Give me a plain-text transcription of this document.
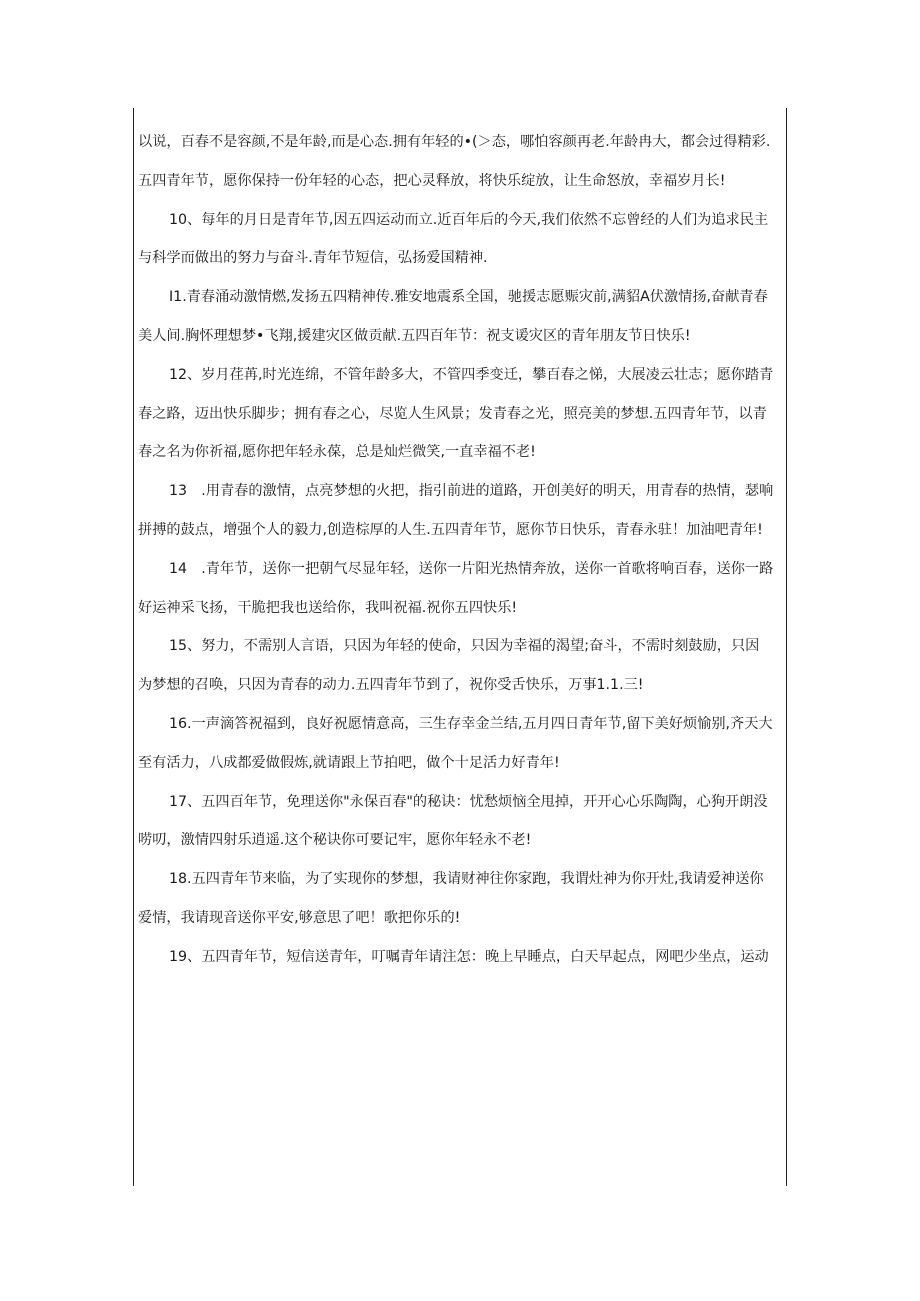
以说，百春不是容颜,不是年龄,而是心态.拥有年轻的•(＞态，哪怕容颜再老.年龄冉大，都会过得精彩.
五四青年节，愿你保持一份年轻的心态，把心灵释放，将快乐绽放，让生命怒放，幸福岁月长!
10、每年的月日是青年节,因五四运动而立.近百年后的今天,我们依然不忘曾经的人们为追求民主
与科学而做出的努力与奋斗.青年节短信，弘扬爱国精神.
I1.青春涌动激情燃,发扬五四精神传.雅安地震系全国，驰援志愿赈灾前,满貂A伏激情扬,奋献青春
美人间.胸怀理想梦•飞翔,援建灾区做贡献.五四百年节：祝支谖灾区的青年朋友节日快乐!
12、岁月荏苒,时光连绵，不管年龄多大，不管四季变迁，攀百春之悌，大展凌云壮志；愿你踏青
春之路，迈出快乐脚步；拥有春之心，尽览人生风景；发青春之光，照亮美的梦想.五四青年节，以青
春之名为你祈福,愿你把年轻永葆，总是灿烂微笑,一直幸福不老!
13　.用青春的激情，点亮梦想的火把，指引前进的道路，开创美好的明天，用青春的热情，瑟响
拼搏的鼓点，增强个人的毅力,创造棕厚的人生.五四青年节，愿你节日快乐，青春永驻！加油吧青年!
14　.青年节，送你一把朝气尽显年轻，送你一片阳光热情奔放，送你一首歌将响百春，送你一路
好运神采飞扬，干脆把我也送给你，我叫祝福.祝你五四快乐!
15、努力，不需别人言语，只因为年轻的使命，只因为幸福的渴望;奋斗，不需时刻鼓励，只因
为梦想的召唤，只因为青春的动力.五四青年节到了，祝你受舌快乐，万事1.1.三!
16.一声滴答祝福到，良好祝愿情意高，三生存幸金兰结,五月四日青年节,留下美好烦愉别,齐天大
至有活力，八成都爱做假炼,就请跟上节拍吧，做个十足活力好青年!
17、五四百年节，免理送你"永保百春"的秘诀：忧愁烦恼全甩掉，开开心心乐陶陶，心狗开朗没
唠叨，激情四射乐逍遥.这个秘诀你可要记牢，愿你年轻永不老!
18.五四青年节来临，为了实现你的梦想，我请财神往你家跑，我谓灶神为你开灶,我请爱神送你
爱情，我请现音送你平安,够意思了吧！歌把你乐的!
19、五四青年节，短信送青年，叮嘱青年请注怎：晚上早睡点，白天早起点，网吧少坐点，运动
